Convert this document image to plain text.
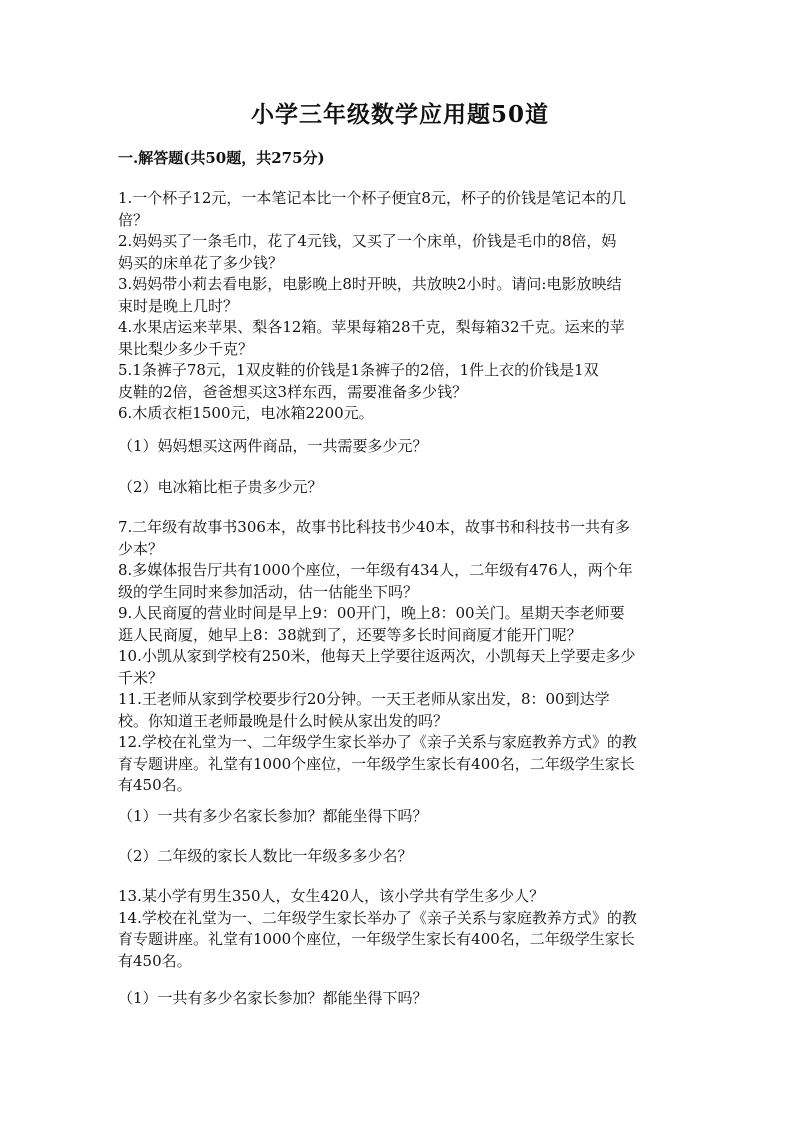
小学三年级数学应用题50道
一.解答题(共50题，共275分)

1.一个杯子12元，一本笔记本比一个杯子便宜8元，杯子的价钱是笔记本的几

倍？

2.妈妈买了一条毛巾，花了4元钱，又买了一个床单，价钱是毛巾的8倍，妈

妈买的床单花了多少钱？

3.妈妈带小莉去看电影，电影晚上8时开映，共放映2小时。请问:电影放映结

束时是晚上几时？

4.水果店运来苹果、梨各12箱。苹果每箱28千克，梨每箱32千克。运来的苹

果比梨少多少千克？

5.1条裤子78元，1双皮鞋的价钱是1条裤子的2倍，1件上衣的价钱是1双

皮鞋的2倍，爸爸想买这3样东西，需要准备多少钱？

6.木质衣柜1500元，电冰箱2200元。

（1）妈妈想买这两件商品，一共需要多少元？
（2）电冰箱比柜子贵多少元？

7.二年级有故事书306本，故事书比科技书少40本，故事书和科技书一共有多

少本？

8.多媒体报告厅共有1000个座位，一年级有434人，二年级有476人，两个年

级的学生同时来参加活动，估一估能坐下吗？

9.人民商厦的营业时间是早上9：00开门，晚上8：00关门。星期天李老师要

逛人民商厦，她早上8：38就到了，还要等多长时间商厦才能开门呢？

10.小凯从家到学校有250米，他每天上学要往返两次，小凯每天上学要走多少

千米？

11.王老师从家到学校要步行20分钟。一天王老师从家出发，8：00到达学

校。你知道王老师最晚是什么时候从家出发的吗？

12.学校在礼堂为一、二年级学生家长举办了《亲子关系与家庭教养方式》的教

育专题讲座。礼堂有1000个座位，一年级学生家长有400名，二年级学生家长

有450名。

（1）一共有多少名家长参加？都能坐得下吗？
（2）二年级的家长人数比一年级多多少名？

13.某小学有男生350人，女生420人，该小学共有学生多少人？

14.学校在礼堂为一、二年级学生家长举办了《亲子关系与家庭教养方式》的教

育专题讲座。礼堂有1000个座位，一年级学生家长有400名，二年级学生家长

有450名。

（1）一共有多少名家长参加？都能坐得下吗？
